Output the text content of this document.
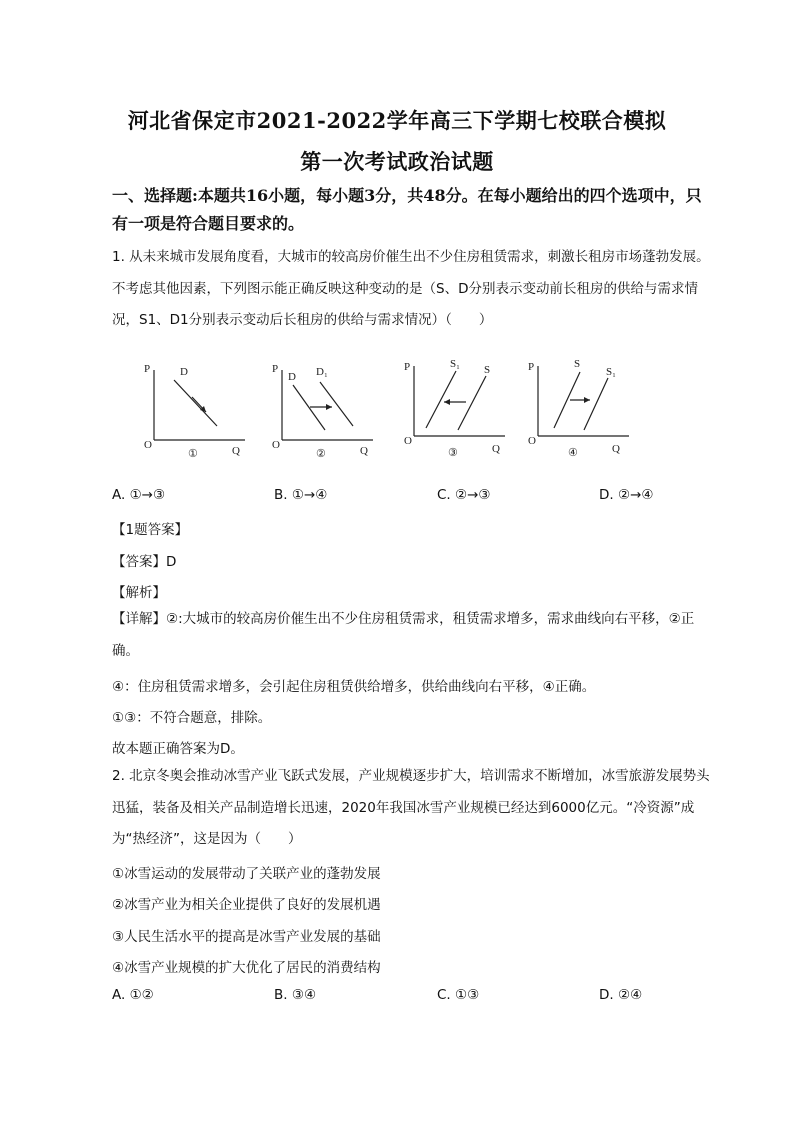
河北省保定市2021-2022学年高三下学期七校联合模拟
第一次考试政治试题
一、选择题:本题共16小题，每小题3分，共48分。在每小题给出的四个选项中，只有一项是符合题目要求的。
1. 从未来城市发展角度看，大城市的较高房价催生出不少住房租赁需求，刺激长租房市场蓬勃发展。不考虑其他因素，下列图示能正确反映这种变动的是（S、D分别表示变动前长租房的供给与需求情况，S1、D1分别表示变动后长租房的供给与需求情况）（　　）
P
O	Q
D
①
P
O	Q
D D₁
②
P
O
Q
S₁ S
③
P
O
Q
S
S₁
④
A. ①→③	B. ①→④	C. ②→③	D. ②→④
【1题答案】
【答案】D
【解析】
【详解】②:大城市的较高房价催生出不少住房租赁需求，租赁需求增多，需求曲线向右平移，②正确。
④：住房租赁需求增多，会引起住房租赁供给增多，供给曲线向右平移，④正确。
①③：不符合题意，排除。
故本题正确答案为D。
2. 北京冬奥会推动冰雪产业飞跃式发展，产业规模逐步扩大，培训需求不断增加，冰雪旅游发展势头迅猛，装备及相关产品制造增长迅速，2020年我国冰雪产业规模已经达到6000亿元。“冷资源”成为“热经济”，这是因为（　　）
①冰雪运动的发展带动了关联产业的蓬勃发展
②冰雪产业为相关企业提供了良好的发展机遇
③人民生活水平的提高是冰雪产业发展的基础
④冰雪产业规模的扩大优化了居民的消费结构
A. ①②	B. ③④	C. ①③	D. ②④
